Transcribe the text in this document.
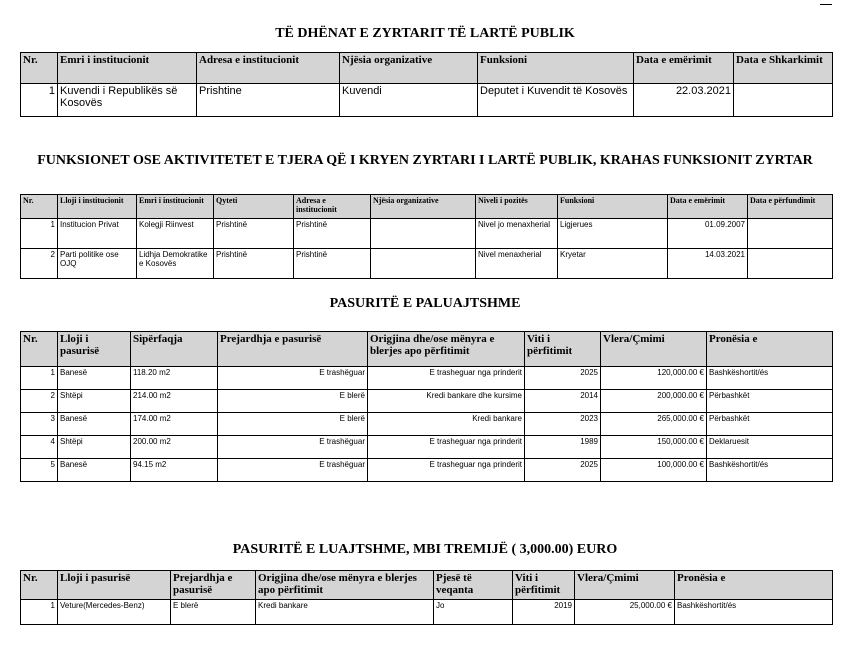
TË DHËNAT E ZYRTARIT TË LARTË PUBLIK
Nr.	Emri i institucionit	Adresa e institucionit	Njësia organizative	Funksioni	Data e emërimit	Data e Shkarkimit
1	Kuvendi i Republikës së Kosovës	Prishtine	Kuvendi	Deputet i Kuvendit të Kosovës	22.03.2021	
FUNKSIONET OSE AKTIVITETET E TJERA QË I KRYEN ZYRTARI I LARTË PUBLIK, KRAHAS FUNKSIONIT ZYRTAR
Nr.	Lloji i institucionit	Emri i institucionit	Qyteti	Adresa e institucionit	Njësia organizative	Niveli i pozitës	Funksioni	Data e emërimit	Data e përfundimit
1	Institucion Privat	Kolegji Riinvest	Prishtinë	Prishtinë		Nivel jo menaxherial	Ligjerues	01.09.2007	
2	Parti politike ose OJQ	Lidhja Demokratike e Kosovës	Prishtinë	Prishtinë		Nivel menaxherial	Kryetar	14.03.2021	
PASURITË E PALUAJTSHME
Nr.	Lloji i pasurisë	Sipërfaqja	Prejardhja e pasurisë	Origjina dhe/ose mënyra e blerjes apo përfitimit	Viti i përfitimit	Vlera/Çmimi	Pronësia e
1	Banesë	118.20 m2	E trashëguar	E trasheguar nga prinderit	2025	120,000.00 €	Bashkëshortit/és
2	Shtëpi	214.00 m2	E blerë	Kredi bankare dhe kursime	2014	200,000.00 €	Përbashkët
3	Banesë	174.00 m2	E blerë	Kredi bankare	2023	265,000.00 €	Përbashkët
4	Shtëpi	200.00 m2	E trashëguar	E trasheguar nga prinderit	1989	150,000.00 €	Deklaruesit
5	Banesë	94.15 m2	E trashëguar	E trasheguar nga prinderit	2025	100,000.00 €	Bashkëshortit/és
PASURITË E LUAJTSHME, MBI TREMIJË ( 3,000.00) EURO
Nr.	Lloji i pasurisë	Prejardhja e pasurisë	Origjina dhe/ose mënyra e blerjes apo përfitimit	Pjesë të veqanta	Viti i përfitimit	Vlera/Çmimi	Pronësia e
1	Veture(Mercedes-Benz)	E blerë	Kredi bankare	Jo	2019	25,000.00 €	Bashkëshortit/és
